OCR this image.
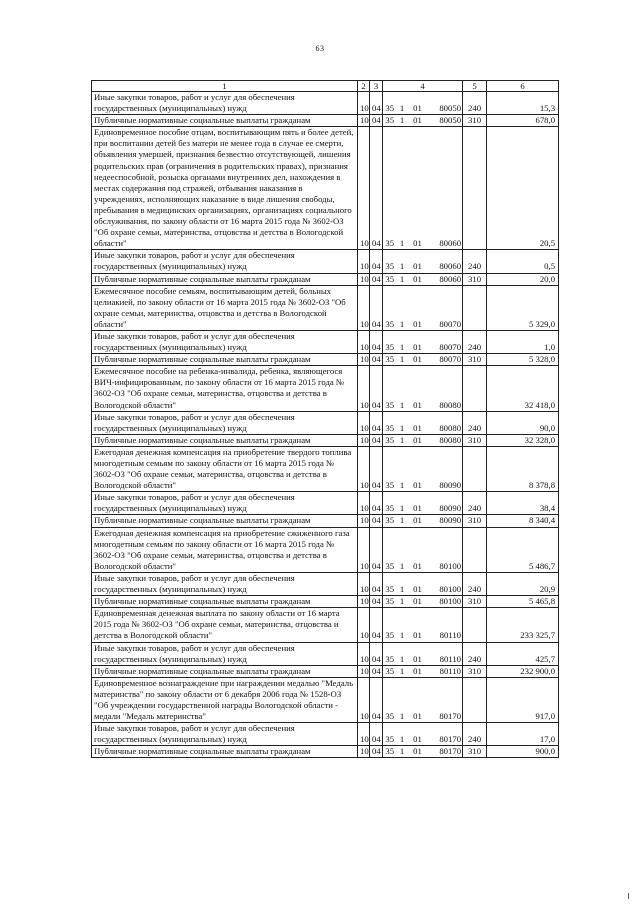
63
1	2	3	4				5	6
Иные закупки товаров, работ и услуг для обеспечения государственных (муниципальных) нужд	10	04	35	1	01	80050	240	15,3
Публичные нормативные социальные выплаты гражданам	10	04	35	1	01	80050	310	678,0
Единовременное пособие отцам, воспитывающим пять и более детей, при воспитании детей без матери не менее года в случае ее смерти, объявления умершей, признания безвестно отсутствующей, лишения родительских прав (ограничения в родительских правах), признания недееспособной, розыска органами внутренних дел, нахождения в местах содержания под стражей, отбывания наказания в учреждениях, исполняющих наказание в виде лишения свободы, пребывания в медицинских организациях, организациях социального обслуживания, по закону области от 16 марта 2015 года № 3602-ОЗ "Об охране семьи, материнства, отцовства и детства в Вологодской области"	10	04	35	1	01	80060		20,5
Иные закупки товаров, работ и услуг для обеспечения государственных (муниципальных) нужд	10	04	35	1	01	80060	240	0,5
Публичные нормативные социальные выплаты гражданам	10	04	35	1	01	80060	310	20,0
Ежемесячное пособие семьям, воспитывающим детей, больных целиакией, по закону области от 16 марта 2015 года № 3602-ОЗ "Об охране семьи, материнства, отцовства и детства в Вологодской области"	10	04	35	1	01	80070		5 329,0
Иные закупки товаров, работ и услуг для обеспечения государственных (муниципальных) нужд	10	04	35	1	01	80070	240	1,0
Публичные нормативные социальные выплаты гражданам	10	04	35	1	01	80070	310	5 328,0
Ежемесячное пособие на ребенка-инвалида, ребенка, являющегося ВИЧ-инфицированным, по закону области от 16 марта 2015 года № 3602-ОЗ "Об охране семьи, материнства, отцовства и детства в Вологодской области"	10	04	35	1	01	80080		32 418,0
Иные закупки товаров, работ и услуг для обеспечения государственных (муниципальных) нужд	10	04	35	1	01	80080	240	90,0
Публичные нормативные социальные выплаты гражданам	10	04	35	1	01	80080	310	32 328,0
Ежегодная денежная компенсация на приобретение твердого топлива многодетным семьям по закону области от 16 марта 2015 года № 3602-ОЗ "Об охране семьи, материнства, отцовства и детства в Вологодской области"	10	04	35	1	01	80090		8 378,8
Иные закупки товаров, работ и услуг для обеспечения государственных (муниципальных) нужд	10	04	35	1	01	80090	240	38,4
Публичные нормативные социальные выплаты гражданам	10	04	35	1	01	80090	310	8 340,4
Ежегодная денежная компенсация на приобретение сжиженного газа многодетным семьям по закону области от 16 марта 2015 года № 3602-ОЗ "Об охране семьи, материнства, отцовства и детства в Вологодской области"	10	04	35	1	01	80100		5 486,7
Иные закупки товаров, работ и услуг для обеспечения государственных (муниципальных) нужд	10	04	35	1	01	80100	240	20,9
Публичные нормативные социальные выплаты гражданам	10	04	35	1	01	80100	310	5 465,8
Единовременная денежная выплата по закону области от 16 марта 2015 года № 3602-ОЗ "Об охране семьи, материнства, отцовства и детства в Вологодской области"	10	04	35	1	01	80110		233 325,7
Иные закупки товаров, работ и услуг для обеспечения государственных (муниципальных) нужд	10	04	35	1	01	80110	240	425,7
Публичные нормативные социальные выплаты гражданам	10	04	35	1	01	80110	310	232 900,0
Единовременное вознаграждение при награждении медалью "Медаль материнства" по закону области от 6 декабря 2006 года № 1528-ОЗ "Об учреждении государственной награды Вологодской области - медали "Медаль материнства"	10	04	35	1	01	80170		917,0
Иные закупки товаров, работ и услуг для обеспечения государственных (муниципальных) нужд	10	04	35	1	01	80170	240	17,0
Публичные нормативные социальные выплаты гражданам	10	04	35	1	01	80170	310	900,0
